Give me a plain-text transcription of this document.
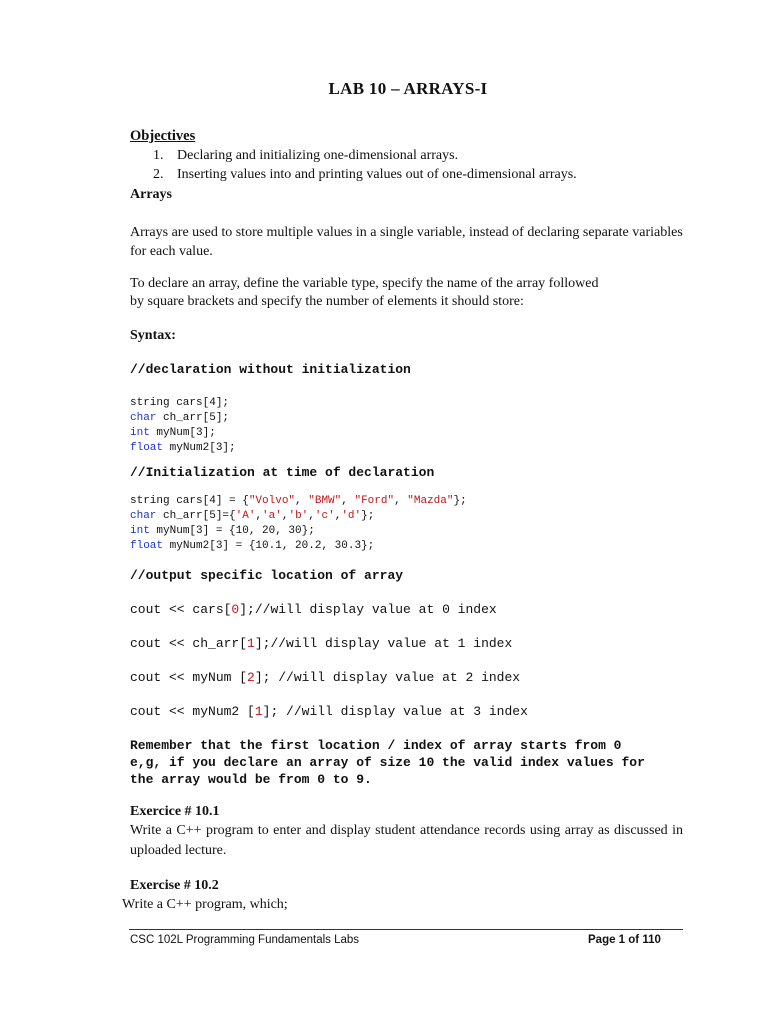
LAB 10 – ARRAYS-I
Objectives
1. Declaring and initializing one-dimensional arrays.
2. Inserting values into and printing values out of one-dimensional arrays.
Arrays
Arrays are used to store multiple values in a single variable, instead of declaring separate variables for each value.
To declare an array, define the variable type, specify the name of the array followed
by square brackets and specify the number of elements it should store:
Syntax:
//declaration without initialization
string cars[4];
char ch_arr[5];
int myNum[3];
float myNum2[3];
//Initialization at time of declaration
string cars[4] = {"Volvo", "BMW", "Ford", "Mazda"};
char ch_arr[5]={'A','a','b','c','d'};
int myNum[3] = {10, 20, 30};
float myNum2[3] = {10.1, 20.2, 30.3};
//output specific location of array
cout << cars[0];//will display value at 0 index
cout << ch_arr[1];//will display value at 1 index
cout << myNum [2]; //will display value at 2 index
cout << myNum2 [1]; //will display value at 3 index
Remember that the first location / index of array starts from 0
e,g, if you declare an array of size 10 the valid index values for
the array would be from 0 to 9.
Exercice # 10.1
Write a C++ program to enter and display student attendance records using array as discussed in uploaded lecture.
Exercise # 10.2
Write a C++ program, which;
CSC 102L Programming Fundamentals Labs	Page 1 of 110
